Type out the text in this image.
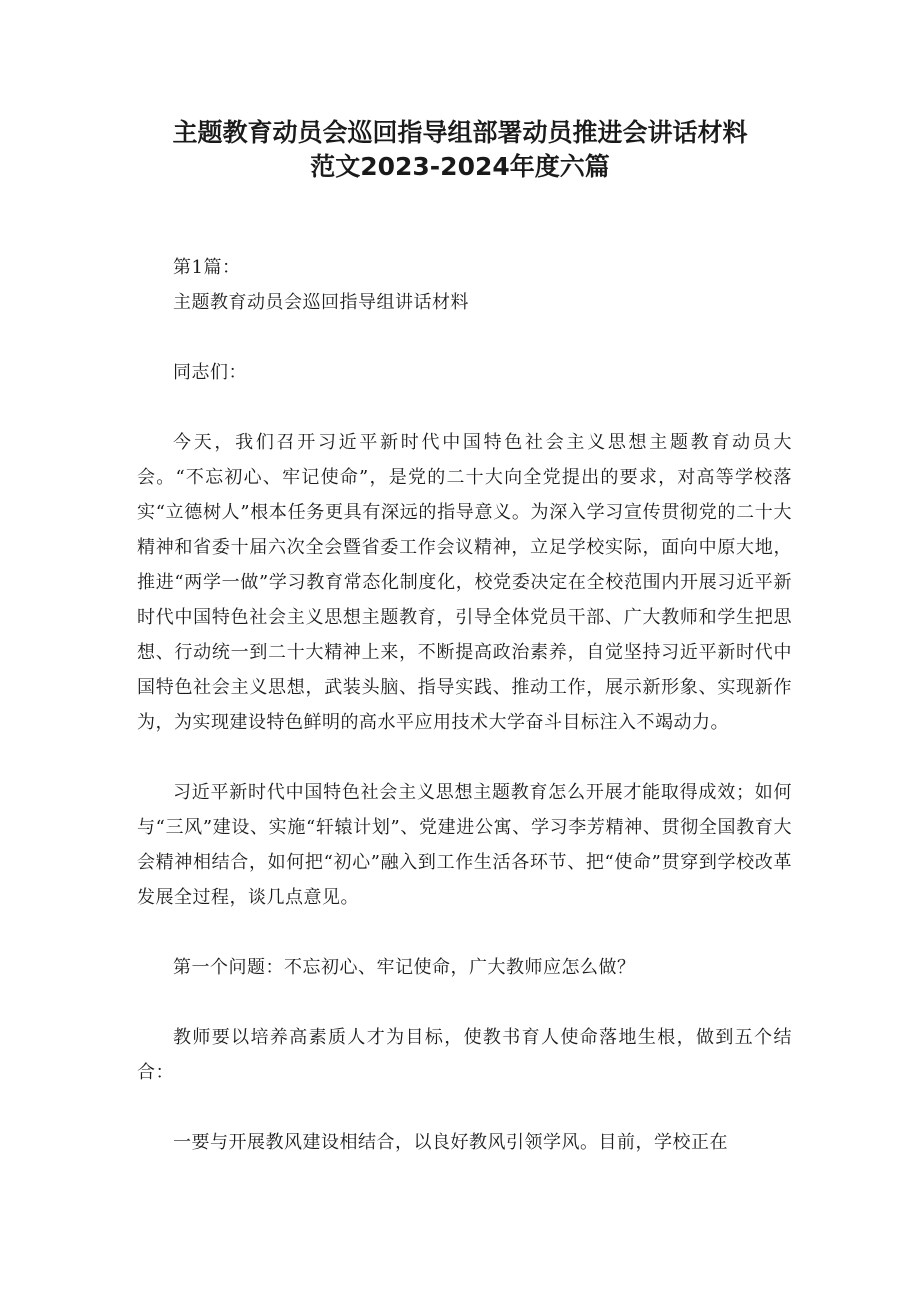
主题教育动员会巡回指导组部署动员推进会讲话材料
范文2023-2024年度六篇

第1篇：

主题教育动员会巡回指导组讲话材料

同志们：

今天，我们召开习近平新时代中国特色社会主义思想主题教育动员大会。“不忘初心、牢记使命”，是党的二十大向全党提出的要求，对高等学校落实“立德树人”根本任务更具有深远的指导意义。为深入学习宣传贯彻党的二十大精神和省委十届六次全会暨省委工作会议精神，立足学校实际，面向中原大地，推进“两学一做”学习教育常态化制度化，校党委决定在全校范围内开展习近平新时代中国特色社会主义思想主题教育，引导全体党员干部、广大教师和学生把思想、行动统一到二十大精神上来，不断提高政治素养，自觉坚持习近平新时代中国特色社会主义思想，武装头脑、指导实践、推动工作，展示新形象、实现新作为，为实现建设特色鲜明的高水平应用技术大学奋斗目标注入不竭动力。

习近平新时代中国特色社会主义思想主题教育怎么开展才能取得成效；如何与“三风”建设、实施“轩辕计划”、党建进公寓、学习李芳精神、贯彻全国教育大会精神相结合，如何把“初心”融入到工作生活各环节、把“使命”贯穿到学校改革发展全过程，谈几点意见。

第一个问题：不忘初心、牢记使命，广大教师应怎么做？

教师要以培养高素质人才为目标，使教书育人使命落地生根，做到五个结合：

一要与开展教风建设相结合，以良好教风引领学风。目前，学校正在
